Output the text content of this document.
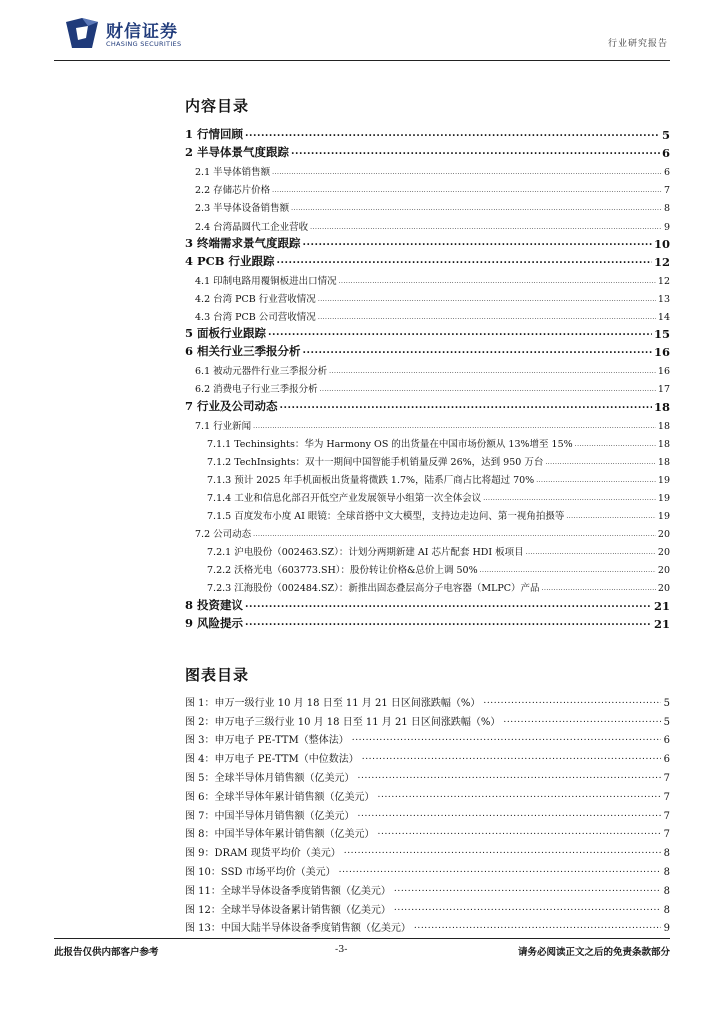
财信证券
CHASING SECURITIES	行业研究报告
内容目录
1 行情回顾 .....	5
2 半导体景气度跟踪 .....	6
2.1 半导体销售额 .....	6
2.2 存储芯片价格 .....	7
2.3 半导体设备销售额 .....	8
2.4 台湾晶圆代工企业营收 .....	9
3 终端需求景气度跟踪 .....	10
4 PCB 行业跟踪 .....	12
4.1 印制电路用覆铜板进出口情况 .....	12
4.2 台湾 PCB 行业营收情况 .....	13
4.3 台湾 PCB 公司营收情况 .....	14
5 面板行业跟踪 .....	15
6 相关行业三季报分析 .....	16
6.1 被动元器件行业三季报分析 .....	16
6.2 消费电子行业三季报分析 .....	17
7 行业及公司动态 .....	18
7.1 行业新闻 .....	18
7.1.1 Techinsights：华为 Harmony OS 的出货量在中国市场份额从 13%增至 15% .....	18
7.1.2 TechInsights：双十一期间中国智能手机销量反弹 26%，达到 950 万台 .....	18
7.1.3 预计 2025 年手机面板出货量将微跌 1.7%，陆系厂商占比将超过 70% .....	19
7.1.4 工业和信息化部召开低空产业发展领导小组第一次全体会议 .....	19
7.1.5 百度发布小度 AI 眼镜：全球首搭中文大模型，支持边走边问、第一视角拍摄等 .....	19
7.2 公司动态 .....	20
7.2.1 沪电股份（002463.SZ）：计划分两期新建 AI 芯片配套 HDI 板项目 .....	20
7.2.2 沃格光电（603773.SH）：股份转让价格&总价上调 50% .....	20
7.2.3 江海股份（002484.SZ）：新推出固态叠层高分子电容器（MLPC）产品 .....	20
8 投资建议 .....	21
9 风险提示 .....	21
图表目录
图 1：申万一级行业 10 月 18 日至 11 月 21 日区间涨跌幅（%） .....	5
图 2：申万电子三级行业 10 月 18 日至 11 月 21 日区间涨跌幅（%） .....	5
图 3：申万电子 PE-TTM（整体法） .....	6
图 4：申万电子 PE-TTM（中位数法） .....	6
图 5：全球半导体月销售额（亿美元） .....	7
图 6：全球半导体年累计销售额（亿美元） .....	7
图 7：中国半导体月销售额（亿美元） .....	7
图 8：中国半导体年累计销售额（亿美元） .....	7
图 9：DRAM 现货平均价（美元） .....	8
图 10：SSD 市场平均价（美元） .....	8
图 11：全球半导体设备季度销售额（亿美元） .....	8
图 12：全球半导体设备累计销售额（亿美元） .....	8
图 13：中国大陆半导体设备季度销售额（亿美元） .....	9
此报告仅供内部客户参考	-3-	请务必阅读正文之后的免责条款部分
